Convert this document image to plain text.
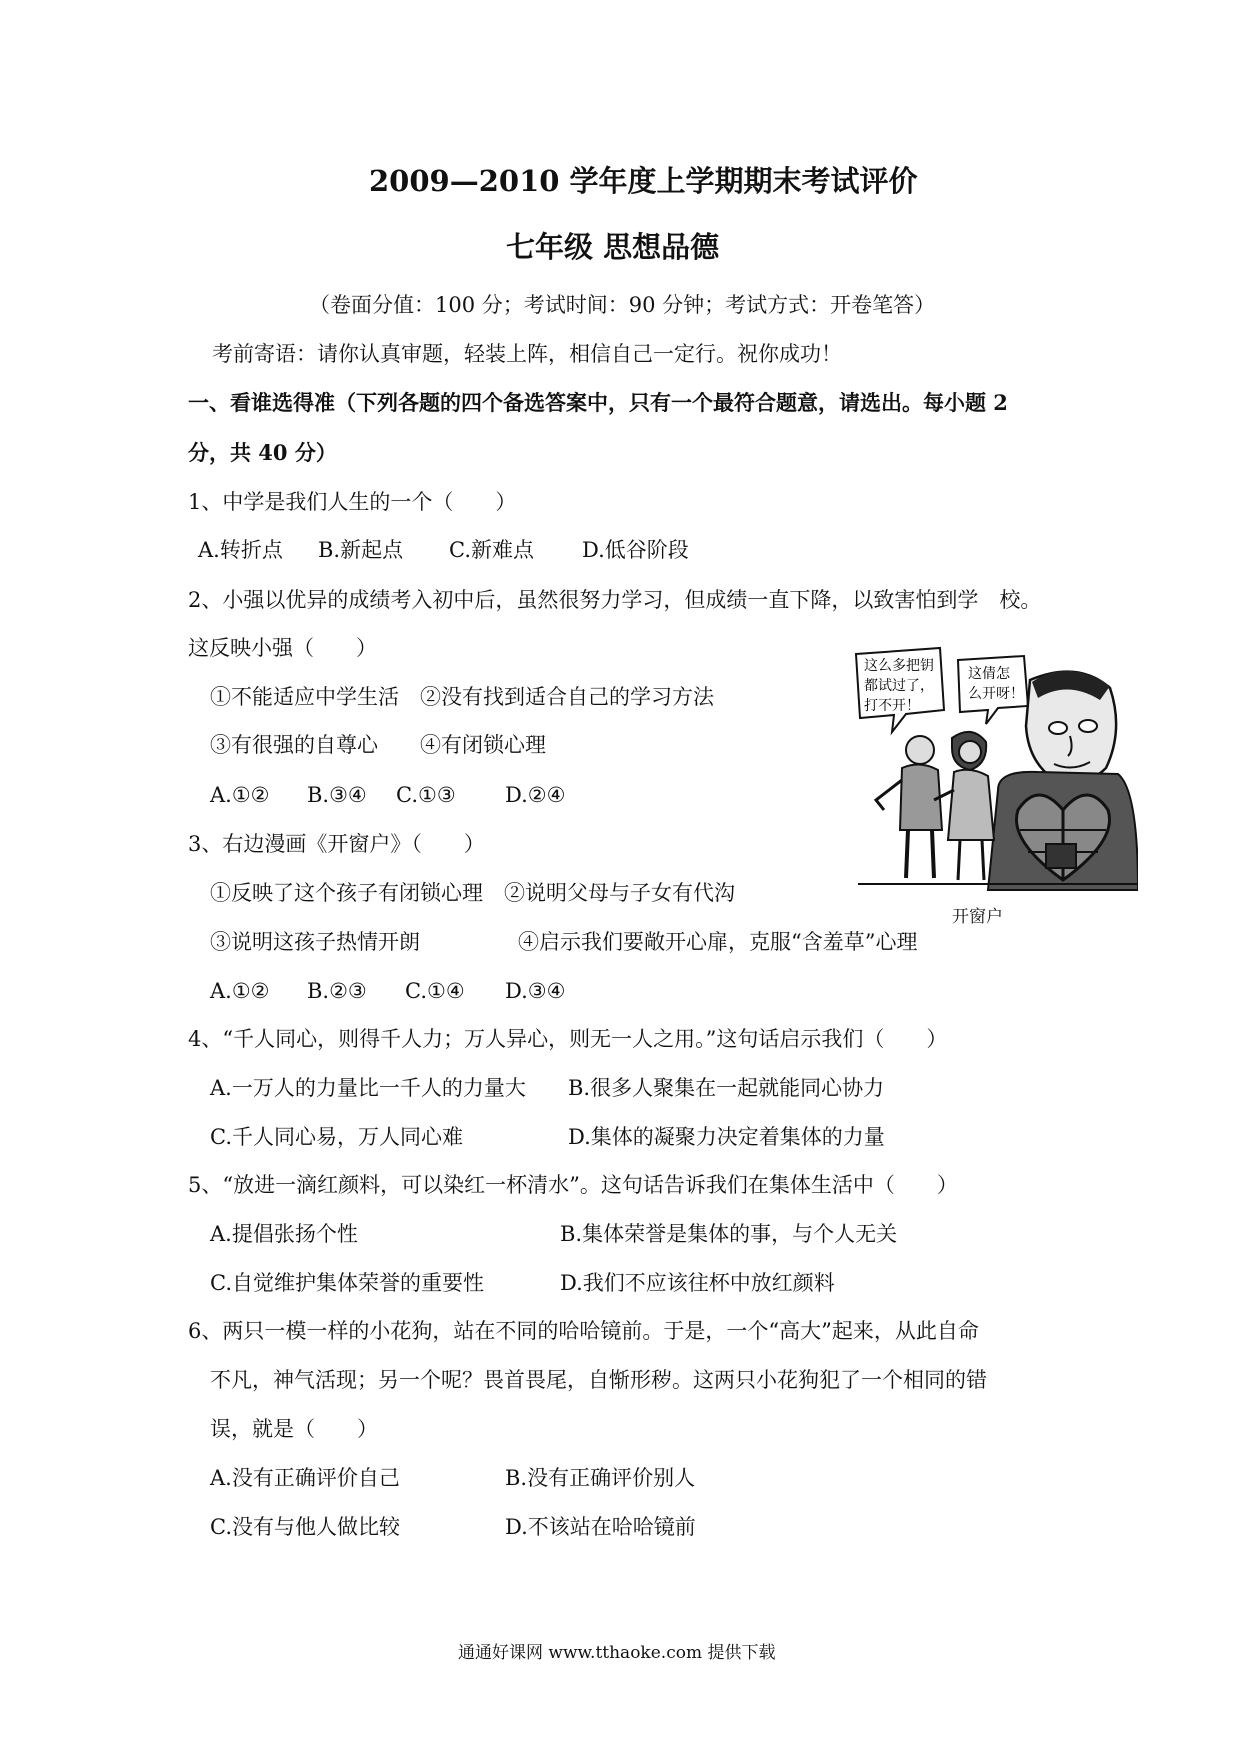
2009—2010 学年度上学期期末考试评价
七年级 思想品德
（卷面分值：100 分；考试时间：90 分钟；考试方式：开卷笔答）
考前寄语：请你认真审题，轻装上阵，相信自己一定行。祝你成功！
一、看谁选得准（下列各题的四个备选答案中，只有一个最符合题意，请选出。每小题 2
分，共 40 分）
1、中学是我们人生的一个（　　）
A.转折点 B.新起点 C.新难点 D.低谷阶段
2、小强以优异的成绩考入初中后，虽然很努力学习，但成绩一直下降，以致害怕到学　校。
这反映小强（　　）
①不能适应中学生活　②没有找到适合自己的学习方法
③有很强的自尊心　　④有闭锁心理
A.①② B.③④ C.①③ D.②④
3、右边漫画《开窗户》（　　）
①反映了这个孩子有闭锁心理　②说明父母与子女有代沟
③说明这孩子热情开朗	④启示我们要敞开心扉，克服“含羞草”心理
A.①② B.②③ C.①④ D.③④
4、“千人同心，则得千人力；万人异心，则无一人之用。”这句话启示我们（　　）
A.一万人的力量比一千人的力量大 B.很多人聚集在一起就能同心协力
C.千人同心易，万人同心难	D.集体的凝聚力决定着集体的力量
5、“放进一滴红颜料，可以染红一杯清水”。这句话告诉我们在集体生活中（　　）
A.提倡张扬个性	B.集体荣誉是集体的事，与个人无关
C.自觉维护集体荣誉的重要性	D.我们不应该往杯中放红颜料
6、两只一模一样的小花狗，站在不同的哈哈镜前。于是，一个“高大”起来，从此自命
不凡，神气活现；另一个呢？畏首畏尾，自惭形秽。这两只小花狗犯了一个相同的错
误，就是（　　）
A.没有正确评价自己	B.没有正确评价别人
C.没有与他人做比较	D.不该站在哈哈镜前
这么多把钥
都试过了，
打不开！
这倩怎
么开呀！
开窗户
通通好课网 www.tthaoke.com 提供下载
